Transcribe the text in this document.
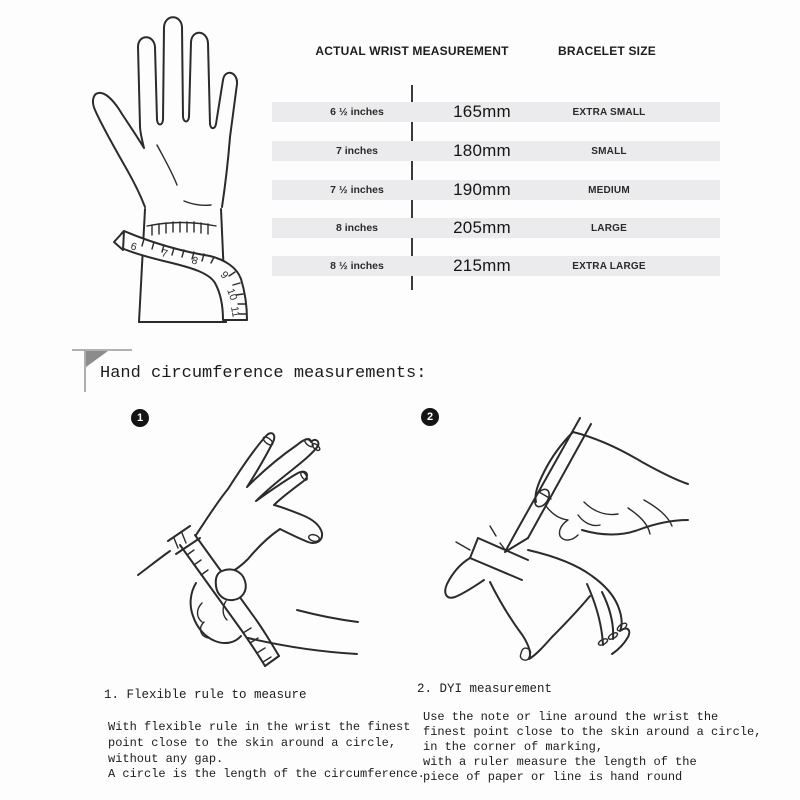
6
7
8
9
10
11
ACTUAL WRIST MEASUREMENT	BRACELET SIZE
6 ½ inches	165mm	EXTRA SMALL
7 inches	180mm	SMALL
7 ½ inches	190mm	MEDIUM
8 inches	205mm	LARGE
8 ½ inches	215mm	EXTRA LARGE
Hand circumference measurements:
1	2
1. Flexible rule to measure
With flexible rule in the wrist the finest
point close to the skin around a circle,
without any gap.
A circle is the length of the circumference.
2. DYI measurement
Use the note or line around the wrist the
finest point close to the skin around a circle,
in the corner of marking,
with a ruler measure the length of the
piece of paper or line is hand round
